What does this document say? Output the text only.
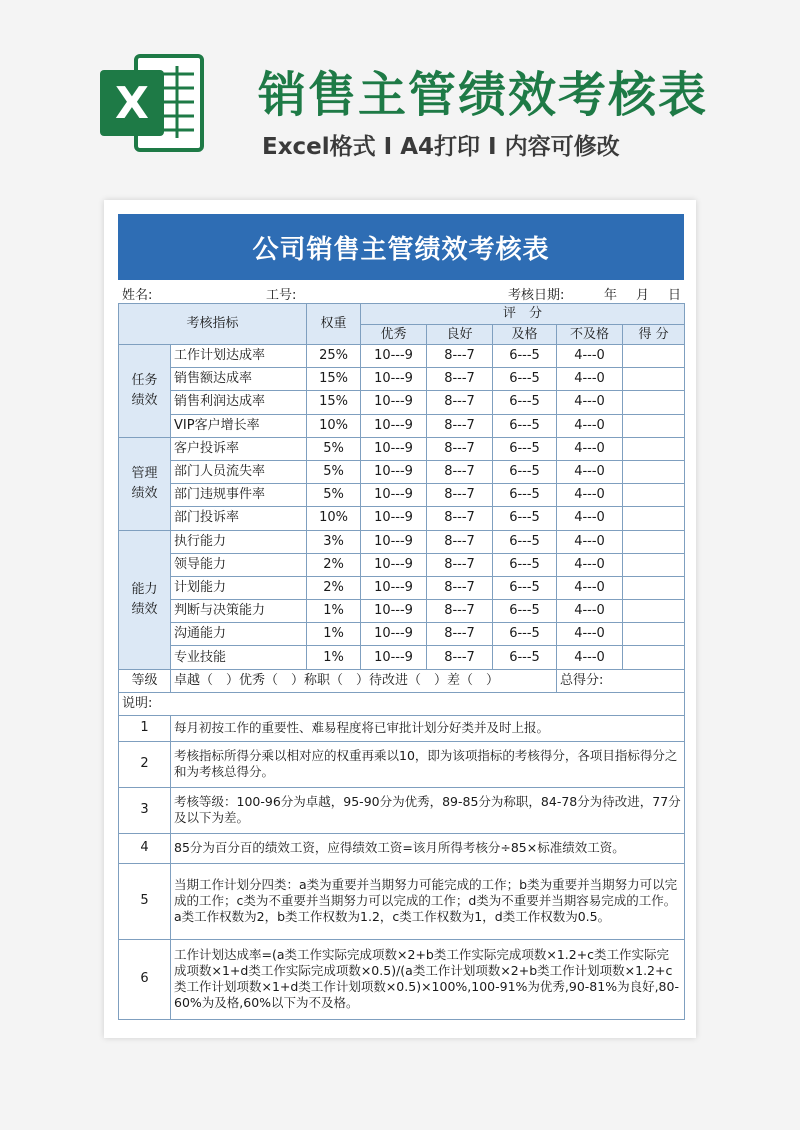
X 销售主管绩效考核表
Excel格式 I A4打印 I 内容可修改
公司销售主管绩效考核表
姓名:	工号:	考核日期:	年 月 日
考核指标		权重	评　分				
			优秀	良好	及格	不及格	得 分
任务绩效	工作计划达成率	25%	10---9	8---7	6---5	4---0	
	销售额达成率	15%	10---9	8---7	6---5	4---0	
	销售利润达成率	15%	10---9	8---7	6---5	4---0	
	VIP客户增长率	10%	10---9	8---7	6---5	4---0	
管理绩效	客户投诉率	5%	10---9	8---7	6---5	4---0	
	部门人员流失率	5%	10---9	8---7	6---5	4---0	
	部门违规事件率	5%	10---9	8---7	6---5	4---0	
	部门投诉率	10%	10---9	8---7	6---5	4---0	
能力绩效	执行能力	3%	10---9	8---7	6---5	4---0	
	领导能力	2%	10---9	8---7	6---5	4---0	
	计划能力	2%	10---9	8---7	6---5	4---0	
	判断与决策能力	1%	10---9	8---7	6---5	4---0	
	沟通能力	1%	10---9	8---7	6---5	4---0	
	专业技能	1%	10---9	8---7	6---5	4---0	
等级	卓越（　）优秀（　）称职（　）待改进（　）差（　）					总得分:	
说明:							
1	每月初按工作的重要性、难易程度将已审批计划分好类并及时上报。						
2	考核指标所得分乘以相对应的权重再乘以10，即为该项指标的考核得分，各项目指标得分之和为考核总得分。						
3	考核等级：100-96分为卓越，95-90分为优秀，89-85分为称职，84-78分为待改进，77分及以下为差。						
4	85分为百分百的绩效工资，应得绩效工资=该月所得考核分÷85×标准绩效工资。						
5	当期工作计划分四类：a类为重要并当期努力可能完成的工作；b类为重要并当期努力可以完成的工作；c类为不重要并当期努力可以完成的工作；d类为不重要并当期容易完成的工作。a类工作权数为2，b类工作权数为1.2，c类工作权数为1，d类工作权数为0.5。						
6	工作计划达成率=(a类工作实际完成项数×2+b类工作实际完成项数×1.2+c类工作实际完成项数×1+d类工作实际完成项数×0.5)/(a类工作计划项数×2+b类工作计划项数×1.2+c类工作计划项数×1+d类工作计划项数×0.5)×100%,100-91%为优秀,90-81%为良好,80-60%为及格,60%以下为不及格。						
